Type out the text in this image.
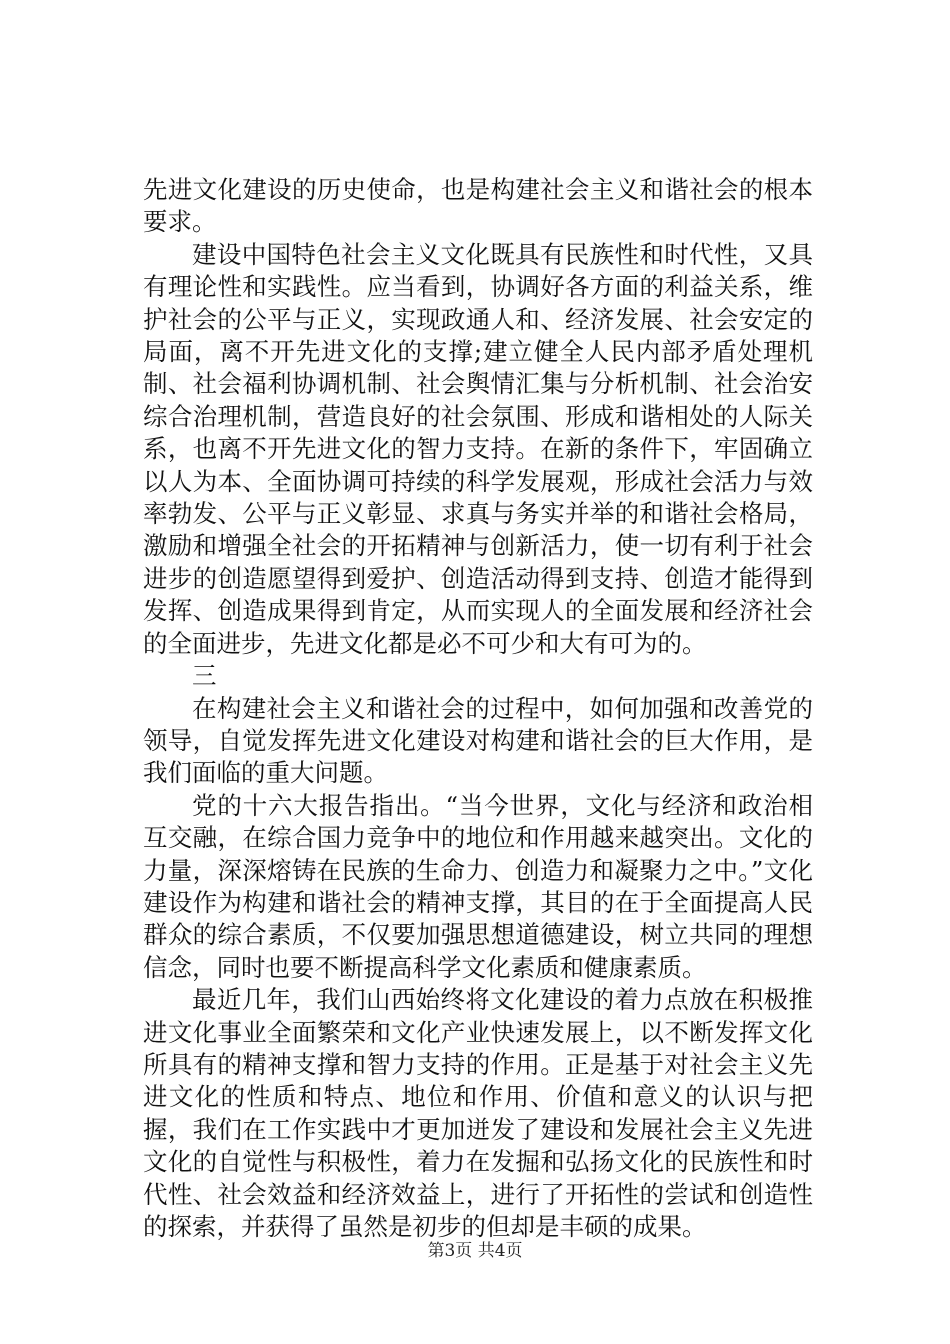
先进文化建设的历史使命，也是构建社会主义和谐社会的根本要求。

建设中国特色社会主义文化既具有民族性和时代性，又具有理论性和实践性。应当看到，协调好各方面的利益关系，维护社会的公平与正义，实现政通人和、经济发展、社会安定的局面，离不开先进文化的支撑;建立健全人民内部矛盾处理机制、社会福利协调机制、社会舆情汇集与分析机制、社会治安综合治理机制，营造良好的社会氛围、形成和谐相处的人际关系，也离不开先进文化的智力支持。在新的条件下，牢固确立以人为本、全面协调可持续的科学发展观，形成社会活力与效率勃发、公平与正义彰显、求真与务实并举的和谐社会格局，激励和增强全社会的开拓精神与创新活力，使一切有利于社会进步的创造愿望得到爱护、创造活动得到支持、创造才能得到发挥、创造成果得到肯定，从而实现人的全面发展和经济社会的全面进步，先进文化都是必不可少和大有可为的。

三

在构建社会主义和谐社会的过程中，如何加强和改善党的领导，自觉发挥先进文化建设对构建和谐社会的巨大作用，是我们面临的重大问题。

党的十六大报告指出。“当今世界，文化与经济和政治相互交融，在综合国力竞争中的地位和作用越来越突出。文化的力量，深深熔铸在民族的生命力、创造力和凝聚力之中。”文化建设作为构建和谐社会的精神支撑，其目的在于全面提高人民群众的综合素质，不仅要加强思想道德建设，树立共同的理想信念，同时也要不断提高科学文化素质和健康素质。

最近几年，我们山西始终将文化建设的着力点放在积极推进文化事业全面繁荣和文化产业快速发展上，以不断发挥文化所具有的精神支撑和智力支持的作用。正是基于对社会主义先进文化的性质和特点、地位和作用、价值和意义的认识与把握，我们在工作实践中才更加迸发了建设和发展社会主义先进文化的自觉性与积极性，着力在发掘和弘扬文化的民族性和时代性、社会效益和经济效益上，进行了开拓性的尝试和创造性的探索，并获得了虽然是初步的但却是丰硕的成果。

第3页 共4页
